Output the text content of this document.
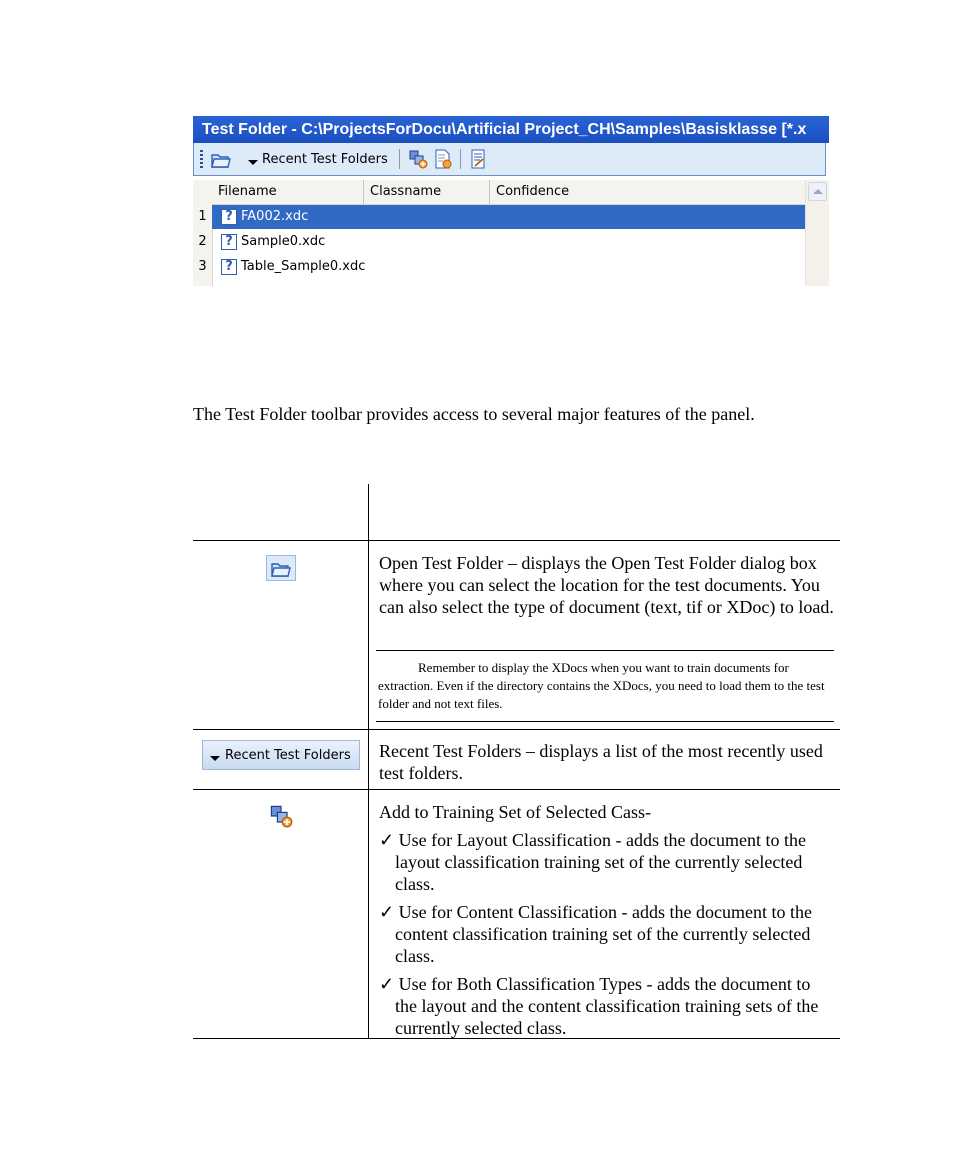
Test Folder - C:\ProjectsForDocu\Artificial Project_CH\Samples\Basisklasse [*.x
Recent Test Folders
Filename	Classname	Confidence
1	? FA002.xdc
2	? Sample0.xdc
3	? Table_Sample0.xdc
The Test Folder toolbar provides access to several major features of the panel.

Open Test Folder – displays the Open Test Folder dialog box where you can select the location for the test documents. You can also select the type of document (text, tif or XDoc) to load.

Remember to display the XDocs when you want to train documents for extraction. Even if the directory contains the XDocs, you need to load them to the test folder and not text files.
Recent Test Folders Recent Test Folders – displays a list of the most recently used test folders.

Add to Training Set of Selected Cass-

✓ Use for Layout Classification - adds the document to the layout classification training set of the currently selected class.

✓ Use for Content Classification - adds the document to the content classification training set of the currently selected class.

✓ Use for Both Classification Types - adds the document to the layout and the content classification training sets of the currently selected class.
